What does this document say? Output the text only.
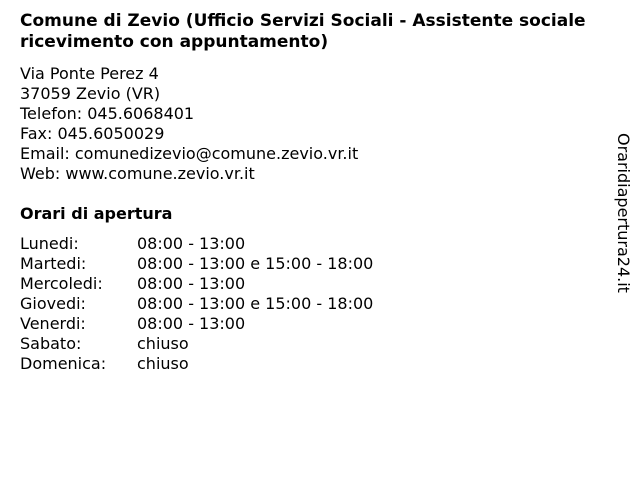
Comune di Zevio (Ufficio Servizi Sociali - Assistente sociale ricevimento con appuntamento)
Via Ponte Perez 4
37059 Zevio (VR)
Telefon: 045.6068401
Fax: 045.6050029
Email: comunedizevio@comune.zevio.vr.it
Web: www.comune.zevio.vr.it
Orari di apertura
Lunedi:	08:00 - 13:00
Martedi:	08:00 - 13:00 e 15:00 - 18:00
Mercoledi:	08:00 - 13:00
Giovedi:	08:00 - 13:00 e 15:00 - 18:00
Venerdi:	08:00 - 13:00
Sabato:	chiuso
Domenica:	chiuso
Oraridiapertura24.it
